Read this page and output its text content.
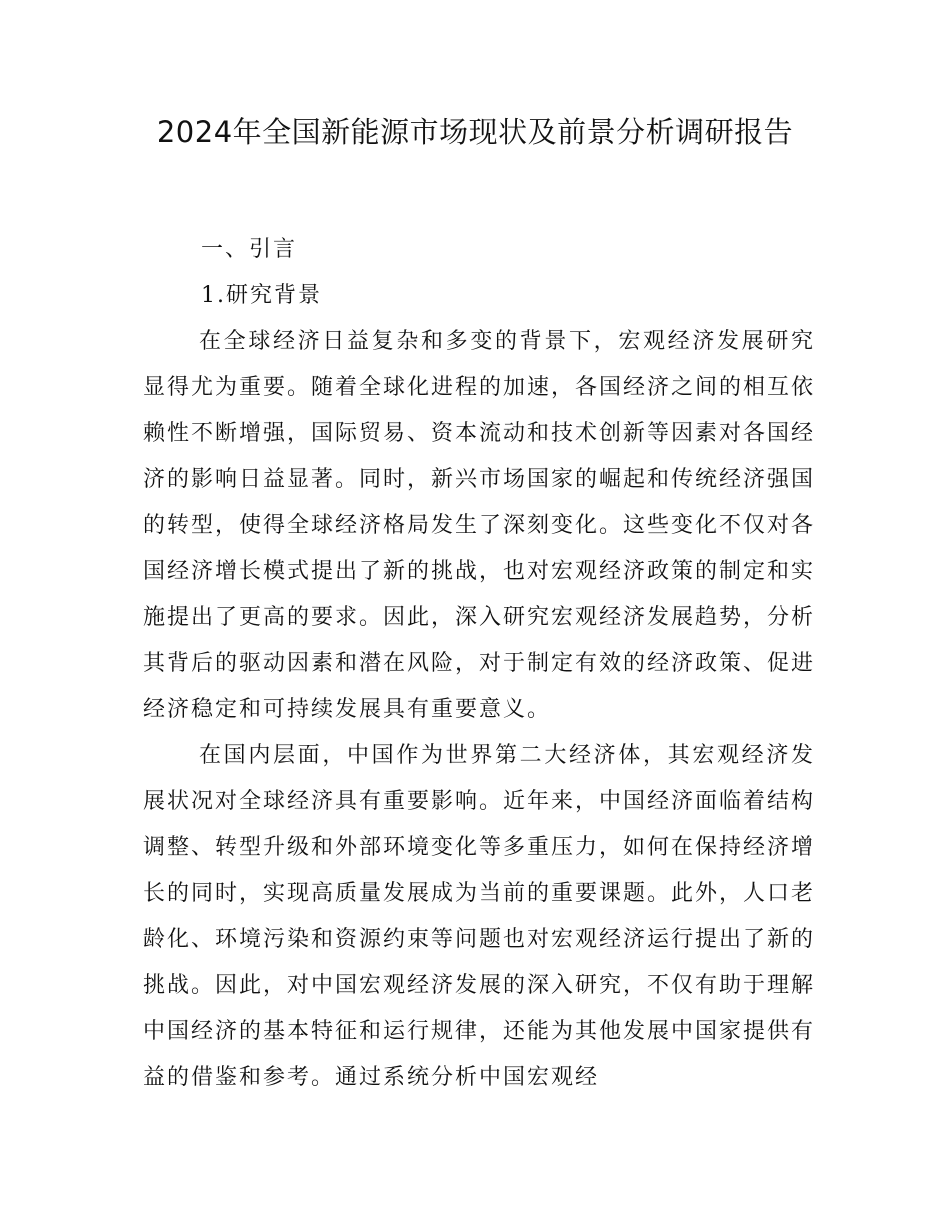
2024年全国新能源市场现状及前景分析调研报告

一、引言

1.研究背景

在全球经济日益复杂和多变的背景下，宏观经济发展研究显得尤为重要。随着全球化进程的加速，各国经济之间的相互依赖性不断增强，国际贸易、资本流动和技术创新等因素对各国经济的影响日益显著。同时，新兴市场国家的崛起和传统经济强国的转型，使得全球经济格局发生了深刻变化。这些变化不仅对各国经济增长模式提出了新的挑战，也对宏观经济政策的制定和实施提出了更高的要求。因此，深入研究宏观经济发展趋势，分析其背后的驱动因素和潜在风险，对于制定有效的经济政策、促进经济稳定和可持续发展具有重要意义。

在国内层面，中国作为世界第二大经济体，其宏观经济发展状况对全球经济具有重要影响。近年来，中国经济面临着结构调整、转型升级和外部环境变化等多重压力，如何在保持经济增长的同时，实现高质量发展成为当前的重要课题。此外，人口老龄化、环境污染和资源约束等问题也对宏观经济运行提出了新的挑战。因此，对中国宏观经济发展的深入研究，不仅有助于理解中国经济的基本特征和运行规律，还能为其他发展中国家提供有益的借鉴和参考。通过系统分析中国宏观经
